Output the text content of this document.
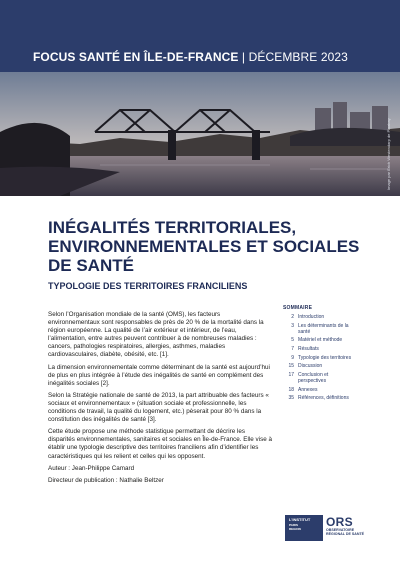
FOCUS SANTÉ EN ÎLE-DE-FRANCE | DÉCEMBRE 2023
Image par Erich Westendarp de Pixabay
INÉGALITÉS TERRITORIALES,
ENVIRONNEMENTALES ET SOCIALES
DE SANTÉ
TYPOLOGIE DES TERRITOIRES FRANCILIENS

Selon l’Organisation mondiale de la santé (OMS), les facteurs environnementaux sont responsables de près de 20 % de la mortalité dans la région européenne. La qualité de l’air extérieur et intérieur, de l’eau, l’alimentation, entre autres peuvent contribuer à de nombreuses maladies : cancers, pathologies respiratoires, allergies, asthmes, maladies cardiovasculaires, diabète, obésité, etc. [1].

La dimension environnementale comme déterminant de la santé est aujourd’hui de plus en plus intégrée à l’étude des inégalités de santé en complément des inégalités sociales [2].

Selon la Stratégie nationale de santé de 2013, la part attribuable des facteurs « sociaux et environnementaux » (situation sociale et professionnelle, les conditions de travail, la qualité du logement, etc.) pèserait pour 80 % dans la constitution des inégalités de santé [3].

Cette étude propose une méthode statistique permettant de décrire les disparités environnementales, sanitaires et sociales en Île-de-France. Elle vise à établir une typologie descriptive des territoires franciliens afin d’identifier les caractéristiques qui les relient et celles qui les opposent.

Auteur : Jean-Philippe Camard

Directeur de publication : Nathalie Beltzer

SOMMAIRE
2 Introduction
3 Les déterminants de la santé
5 Matériel et méthode
7 Résultats
9 Typologie des territoires
15 Discussion
17 Conclusion et perspectives
18 Annexes
35 Références, définitions
L’INSTITUT
PARIS
REGION
ORS
OBSERVATOIRE
RÉGIONAL DE SANTÉ
